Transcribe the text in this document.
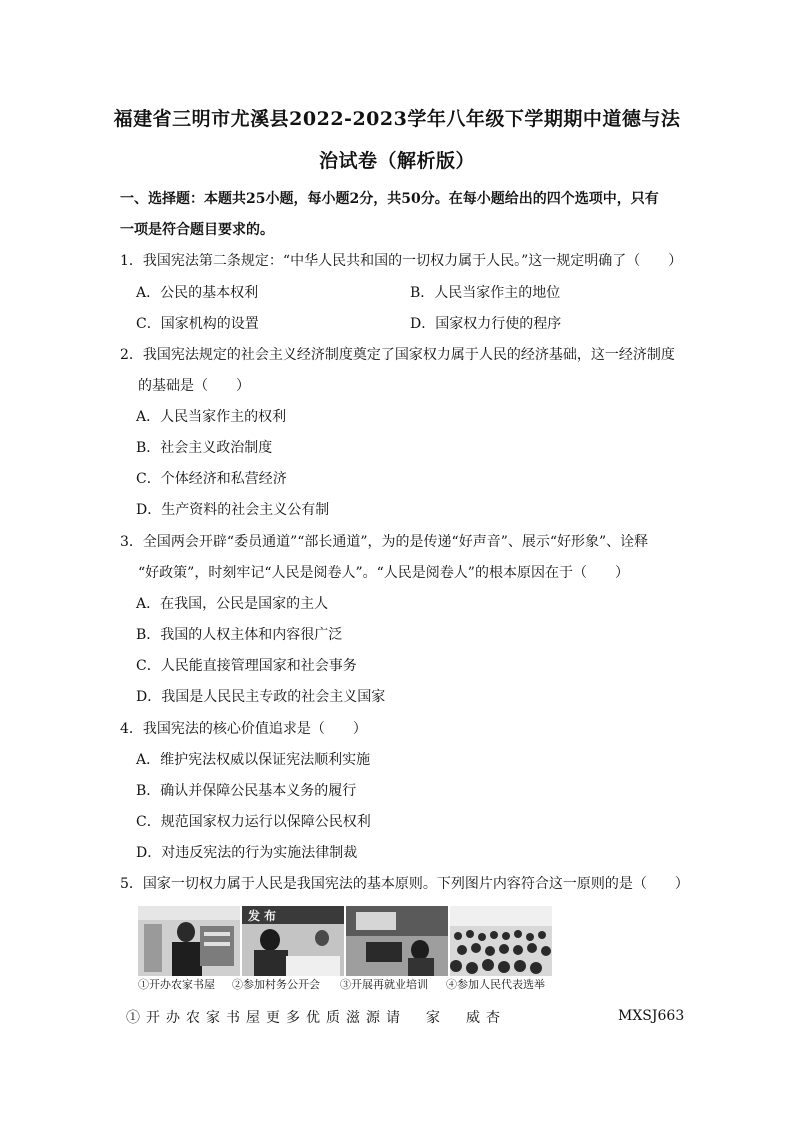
福建省三明市尤溪县2022-2023学年八年级下学期期中道德与法
治试卷（解析版）
一、选择题：本题共25小题，每小题2分，共50分。在每小题给出的四个选项中，只有
一项是符合题目要求的。
1．我国宪法第二条规定：“中华人民共和国的一切权力属于人民。”这一规定明确了（　　）
A．公民的基本权利	B．人民当家作主的地位
C．国家机构的设置	D．国家权力行使的程序
2．我国宪法规定的社会主义经济制度奠定了国家权力属于人民的经济基础，这一经济制度
的基础是（　　）
A．人民当家作主的权利
B．社会主义政治制度
C．个体经济和私营经济
D．生产资料的社会主义公有制
3．全国两会开辟“委员通道”“部长通道”，为的是传递“好声音”、展示“好形象”、诠释
“好政策”，时刻牢记“人民是阅卷人”。“人民是阅卷人”的根本原因在于（　　）
A．在我国，公民是国家的主人
B．我国的人权主体和内容很广泛
C．人民能直接管理国家和社会事务
D．我国是人民民主专政的社会主义国家
4．我国宪法的核心价值追求是（　　）
A．维护宪法权威以保证宪法顺利实施
B．确认并保障公民基本义务的履行
C．规范国家权力运行以保障公民权利
D．对违反宪法的行为实施法律制裁
5．国家一切权力属于人民是我国宪法的基本原则。下列图片内容符合这一原则的是（　　）
发布
①开办农家书屋 ②参加村务公开会 ③开展再就业培训 ④参加人民代表选举
①开办农家书屋更多优质滋源请　家　威杏	MXSJ663
